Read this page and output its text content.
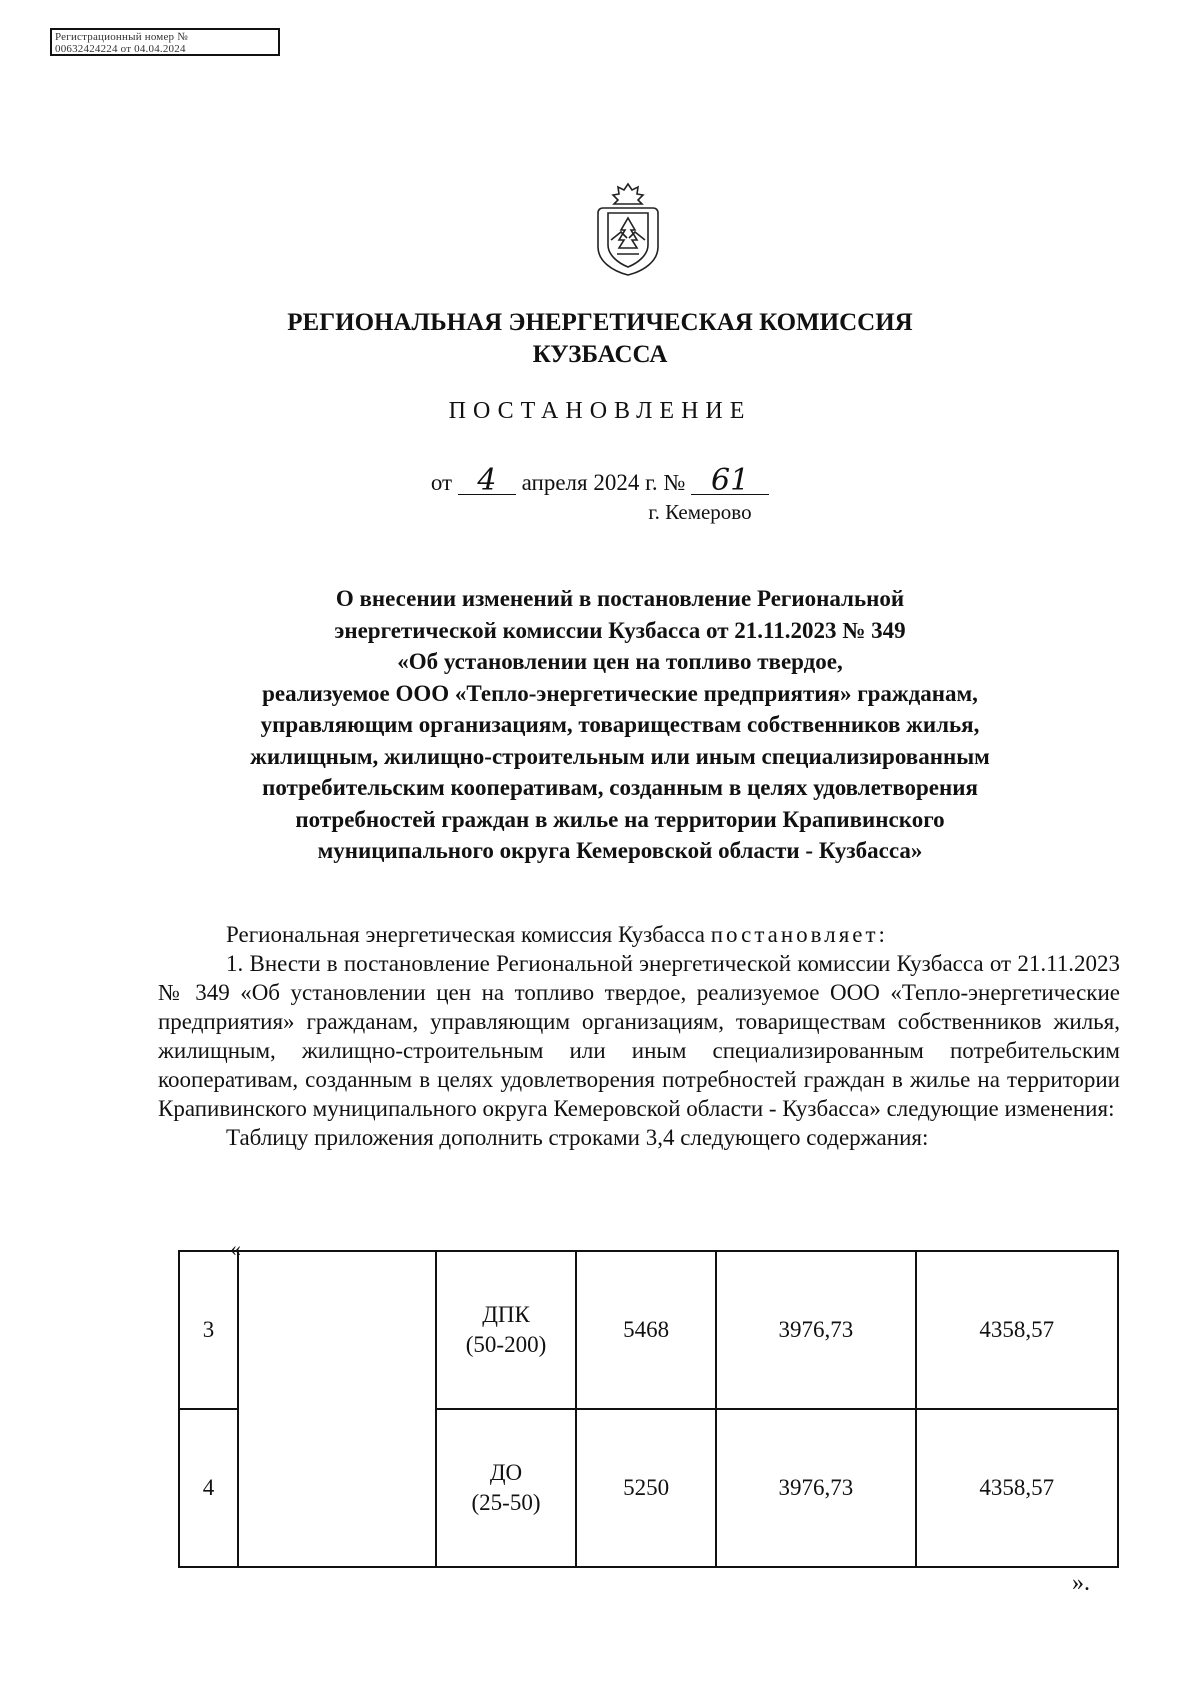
Регистрационный номер №
00632424224 от 04.04.2024
РЕГИОНАЛЬНАЯ ЭНЕРГЕТИЧЕСКАЯ КОМИССИЯ
КУЗБАССА
ПОСТАНОВЛЕНИЕ
от 4 апреля 2024 г. № 61
г. Кемерово
О внесении изменений в постановление Региональной
энергетической комиссии Кузбасса от 21.11.2023 № 349
«Об установлении цен на топливо твердое,
реализуемое ООО «Тепло-энергетические предприятия» гражданам,
управляющим организациям, товариществам собственников жилья,
жилищным, жилищно-строительным или иным специализированным
потребительским кооперативам, созданным в целях удовлетворения
потребностей граждан в жилье на территории Крапивинского
муниципального округа Кемеровской области - Кузбасса»

Региональная энергетическая комиссия Кузбасса постановляет:

1. Внести в постановление Региональной энергетической комиссии Кузбасса от 21.11.2023 № 349 «Об установлении цен на топливо твердое, реализуемое ООО «Тепло-энергетические предприятия» гражданам, управляющим организациям, товариществам собственников жилья, жилищным, жилищно-строительным или иным специализированным потребительским кооперативам, созданным в целях удовлетворения потребностей граждан в жилье на территории Крапивинского муниципального округа Кемеровской области - Кузбасса» следующие изменения:

Таблицу приложения дополнить строками 3,4 следующего содержания:

«
3		ДПК
(50-200)	5468	3976,73	4358,57
4		ДО
(25-50)	5250	3976,73	4358,57
».
